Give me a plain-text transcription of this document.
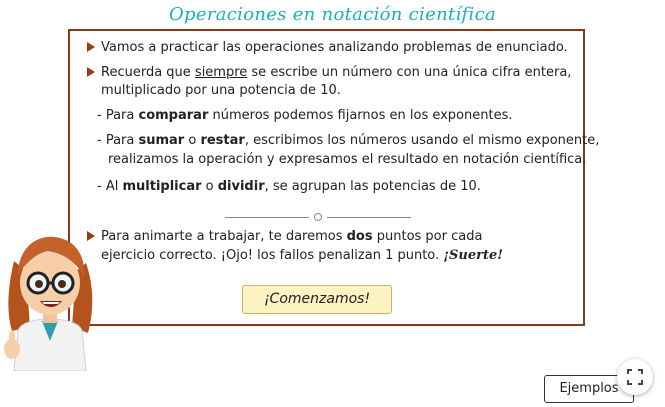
Operaciones en notación científica
Vamos a practicar las operaciones analizando problemas de enunciado.
Recuerda que siempre se escribe un número con una única cifra entera,
multiplicado por una potencia de 10.
- Para comparar números podemos fijarnos en los exponentes.
- Para sumar o restar, escribimos los números usando el mismo exponente,
realizamos la operación y expresamos el resultado en notación científica.
- Al multiplicar o dividir, se agrupan las potencias de 10.
Para animarte a trabajar, te daremos dos puntos por cada
ejercicio correcto. ¡Ojo! los fallos penalizan 1 punto. ¡Suerte!
¡Comenzamos!
Ejemplos
